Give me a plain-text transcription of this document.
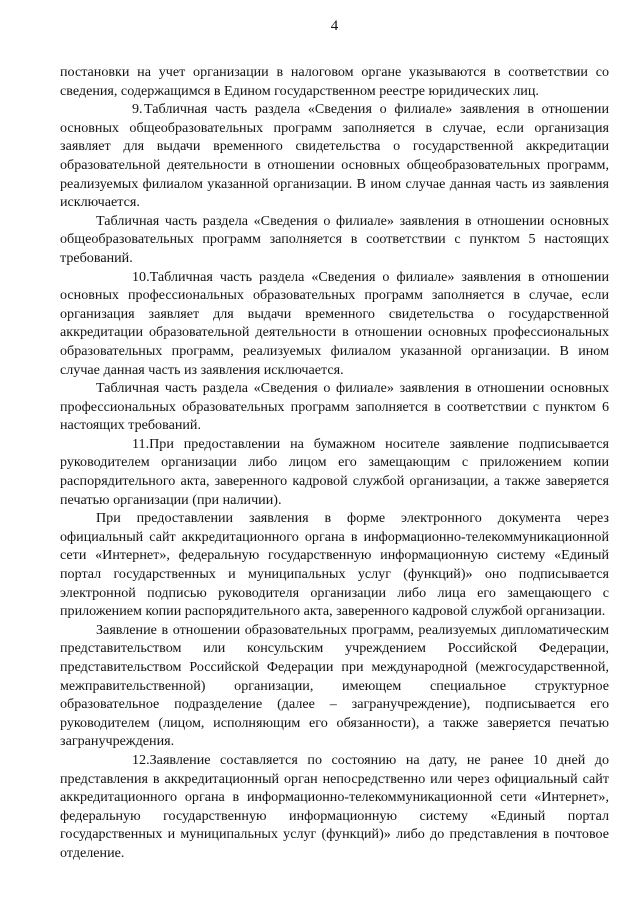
4

постановки на учет организации в налоговом органе указываются в соответствии со сведения, содержащимся в Едином государственном реестре юридических лиц.

9.Табличная часть раздела «Сведения о филиале» заявления в отношении основных общеобразовательных программ заполняется в случае, если организация заявляет для выдачи временного свидетельства о государственной аккредитации образовательной деятельности в отношении основных общеобразовательных программ, реализуемых филиалом указанной организации. В ином случае данная часть из заявления исключается.

Табличная часть раздела «Сведения о филиале» заявления в отношении основных общеобразовательных программ заполняется в соответствии с пунктом 5 настоящих требований.

10.Табличная часть раздела «Сведения о филиале» заявления в отношении основных профессиональных образовательных программ заполняется в случае, если организация заявляет для выдачи временного свидетельства о государственной аккредитации образовательной деятельности в отношении основных профессиональных образовательных программ, реализуемых филиалом указанной организации. В ином случае данная часть из заявления исключается.

Табличная часть раздела «Сведения о филиале» заявления в отношении основных профессиональных образовательных программ заполняется в соответствии с пунктом 6 настоящих требований.

11.При предоставлении на бумажном носителе заявление подписывается руководителем организации либо лицом его замещающим с приложением копии распорядительного акта, заверенного кадровой службой организации, а также заверяется печатью организации (при наличии).

При предоставлении заявления в форме электронного документа через официальный сайт аккредитационного органа в информационно-телекоммуникационной сети «Интернет», федеральную государственную информационную систему «Единый портал государственных и муниципальных услуг (функций)» оно подписывается электронной подписью руководителя организации либо лица его замещающего с приложением копии распорядительного акта, заверенного кадровой службой организации.

Заявление в отношении образовательных программ, реализуемых дипломатическим представительством или консульским учреждением Российской Федерации, представительством Российской Федерации при международной (межгосударственной, межправительственной) организации, имеющем специальное структурное образовательное подразделение (далее – загранучреждение), подписывается его руководителем (лицом, исполняющим его обязанности), а также заверяется печатью загранучреждения.

12.Заявление составляется по состоянию на дату, не ранее 10 дней до представления в аккредитационный орган непосредственно или через официальный сайт аккредитационного органа в информационно-телекоммуникационной сети «Интернет», федеральную государственную информационную систему «Единый портал государственных и муниципальных услуг (функций)» либо до представления в почтовое отделение.
